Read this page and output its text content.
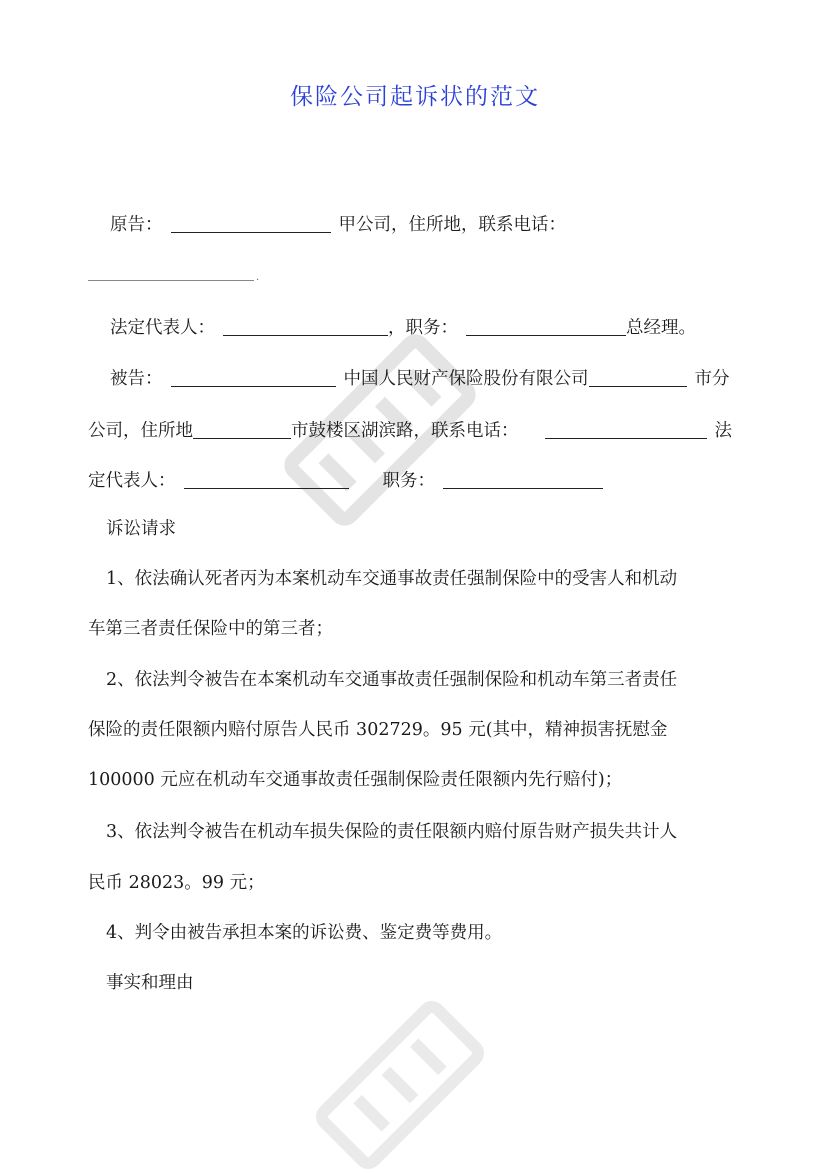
保险公司起诉状的范文
原告：	甲公司，住所地，联系电话：
.
法定代表人：	，职务：	总经理。
被告：	中国人民财产保险股份有限公司	市分
公司，住所地	市鼓楼区湖滨路，联系电话：	法
定代表人：	职务：
诉讼请求
1、依法确认死者丙为本案机动车交通事故责任强制保险中的受害人和机动
车第三者责任保险中的第三者；
2、依法判令被告在本案机动车交通事故责任强制保险和机动车第三者责任
保险的责任限额内赔付原告人民币 302729。95 元(其中，精神损害抚慰金
100000 元应在机动车交通事故责任强制保险责任限额内先行赔付)；
3、依法判令被告在机动车损失保险的责任限额内赔付原告财产损失共计人
民币 28023。99 元；
4、判令由被告承担本案的诉讼费、鉴定费等费用。
事实和理由
